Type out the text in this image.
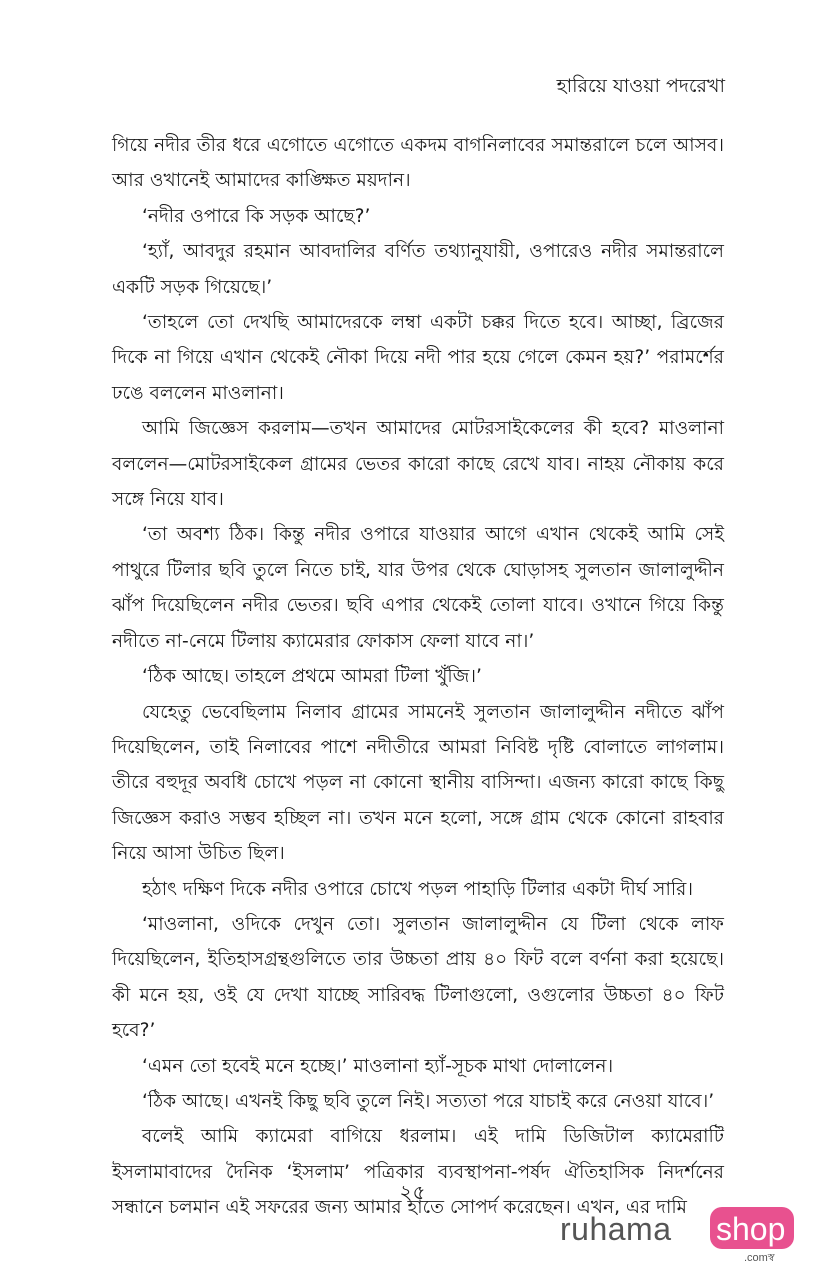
হারিয়ে যাওয়া পদরেখা

গিয়ে নদীর তীর ধরে এগোতে এগোতে একদম বাগনিলাবের সমান্তরালে চলে আসব। আর ওখানেই আমাদের কাঙ্ক্ষিত ময়দান।

‘নদীর ওপারে কি সড়ক আছে?’

‘হ্যাঁ, আবদুর রহমান আবদালির বর্ণিত তথ্যানুযায়ী, ওপারেও নদীর সমান্তরালে একটি সড়ক গিয়েছে।’

‘তাহলে তো দেখছি আমাদেরকে লম্বা একটা চক্কর দিতে হবে। আচ্ছা, ব্রিজের দিকে না গিয়ে এখান থেকেই নৌকা দিয়ে নদী পার হয়ে গেলে কেমন হয়?’ পরামর্শের ঢঙে বললেন মাওলানা।

আমি জিজ্ঞেস করলাম—তখন আমাদের মোটরসাইকেলের কী হবে? মাওলানা বললেন—মোটরসাইকেল গ্রামের ভেতর কারো কাছে রেখে যাব। নাহয় নৌকায় করে সঙ্গে নিয়ে যাব।

‘তা অবশ্য ঠিক। কিন্তু নদীর ওপারে যাওয়ার আগে এখান থেকেই আমি সেই পাথুরে টিলার ছবি তুলে নিতে চাই, যার উপর থেকে ঘোড়াসহ সুলতান জালালুদ্দীন ঝাঁপ দিয়েছিলেন নদীর ভেতর। ছবি এপার থেকেই তোলা যাবে। ওখানে গিয়ে কিন্তু নদীতে না-নেমে টিলায় ক্যামেরার ফোকাস ফেলা যাবে না।’

‘ঠিক আছে। তাহলে প্রথমে আমরা টিলা খুঁজি।’

যেহেতু ভেবেছিলাম নিলাব গ্রামের সামনেই সুলতান জালালুদ্দীন নদীতে ঝাঁপ দিয়েছিলেন, তাই নিলাবের পাশে নদীতীরে আমরা নিবিষ্ট দৃষ্টি বোলাতে লাগলাম। তীরে বহুদূর অবধি চোখে পড়ল না কোনো স্থানীয় বাসিন্দা। এজন্য কারো কাছে কিছু জিজ্ঞেস করাও সম্ভব হচ্ছিল না। তখন মনে হলো, সঙ্গে গ্রাম থেকে কোনো রাহবার নিয়ে আসা উচিত ছিল।

হঠাৎ দক্ষিণ দিকে নদীর ওপারে চোখে পড়ল পাহাড়ি টিলার একটা দীর্ঘ সারি।

‘মাওলানা, ওদিকে দেখুন তো। সুলতান জালালুদ্দীন যে টিলা থেকে লাফ দিয়েছিলেন, ইতিহাসগ্রন্থগুলিতে তার উচ্চতা প্রায় ৪০ ফিট বলে বর্ণনা করা হয়েছে। কী মনে হয়, ওই যে দেখা যাচ্ছে সারিবদ্ধ টিলাগুলো, ওগুলোর উচ্চতা ৪০ ফিট হবে?’

‘এমন তো হবেই মনে হচ্ছে।’ মাওলানা হ্যাঁ-সূচক মাথা দোলালেন।

‘ঠিক আছে। এখনই কিছু ছবি তুলে নিই। সত্যতা পরে যাচাই করে নেওয়া যাবে।’

বলেই আমি ক্যামেরা বাগিয়ে ধরলাম। এই দামি ডিজিটাল ক্যামেরাটি ইসলামাবাদের দৈনিক ‘ইসলাম’ পত্রিকার ব্যবস্থাপনা-পর্ষদ ঐতিহাসিক নিদর্শনের সন্ধানে চলমান এই সফরের জন্য আমার হাতে সোপর্দ করেছেন। এখন, এর দামি

২৫
ruhama shop
.comস্ব
